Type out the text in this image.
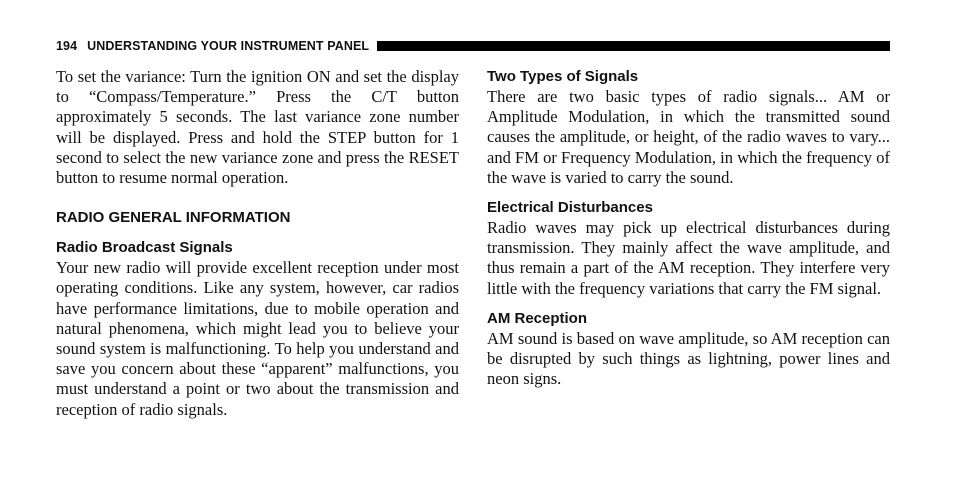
194 UNDERSTANDING YOUR INSTRUMENT PANEL

To set the variance: Turn the ignition ON and set the display to “Compass/Temperature.” Press the C/T button approximately 5 seconds. The last variance zone number will be displayed. Press and hold the STEP button for 1 second to select the new variance zone and press the RESET button to resume normal operation.

RADIO GENERAL INFORMATION

Radio Broadcast Signals

Your new radio will provide excellent reception under most operating conditions. Like any system, however, car radios have performance limitations, due to mobile operation and natural phenomena, which might lead you to believe your sound system is malfunctioning. To help you understand and save you concern about these “apparent” malfunctions, you must understand a point or two about the transmission and reception of radio signals.

Two Types of Signals

There are two basic types of radio signals... AM or Amplitude Modulation, in which the transmitted sound causes the amplitude, or height, of the radio waves to vary... and FM or Frequency Modulation, in which the frequency of the wave is varied to carry the sound.

Electrical Disturbances

Radio waves may pick up electrical disturbances during transmission. They mainly affect the wave amplitude, and thus remain a part of the AM reception. They interfere very little with the frequency variations that carry the FM signal.

AM Reception

AM sound is based on wave amplitude, so AM reception can be disrupted by such things as lightning, power lines and neon signs.
